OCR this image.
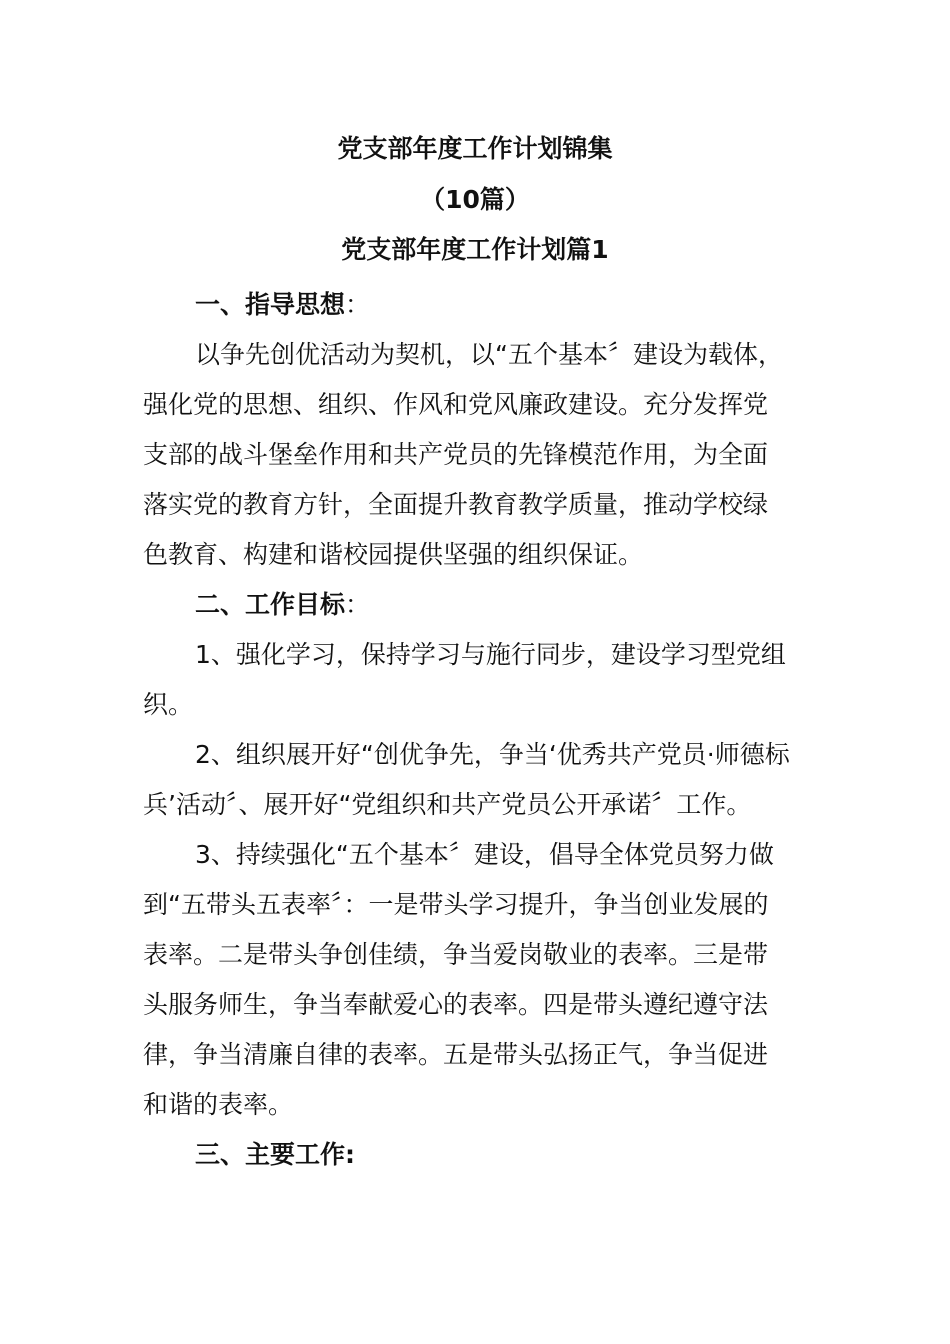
党支部年度工作计划锦集
（10篇）
党支部年度工作计划篇1
一、指导思想：
以争先创优活动为契机，以“五个基本〞建设为载体，
强化党的思想、组织、作风和党风廉政建设。充分发挥党
支部的战斗堡垒作用和共产党员的先锋模范作用，为全面
落实党的教育方针，全面提升教育教学质量，推动学校绿
色教育、构建和谐校园提供坚强的组织保证。
二、工作目标：
1、强化学习，保持学习与施行同步，建设学习型党组
织。
2、组织展开好“创优争先，争当‘优秀共产党员·师德标
兵’活动〞、展开好“党组织和共产党员公开承诺〞工作。
3、持续强化“五个基本〞建设，倡导全体党员努力做
到“五带头五表率〞：一是带头学习提升，争当创业发展的
表率。二是带头争创佳绩，争当爱岗敬业的表率。三是带
头服务师生，争当奉献爱心的表率。四是带头遵纪遵守法
律，争当清廉自律的表率。五是带头弘扬正气，争当促进
和谐的表率。
三、主要工作:
